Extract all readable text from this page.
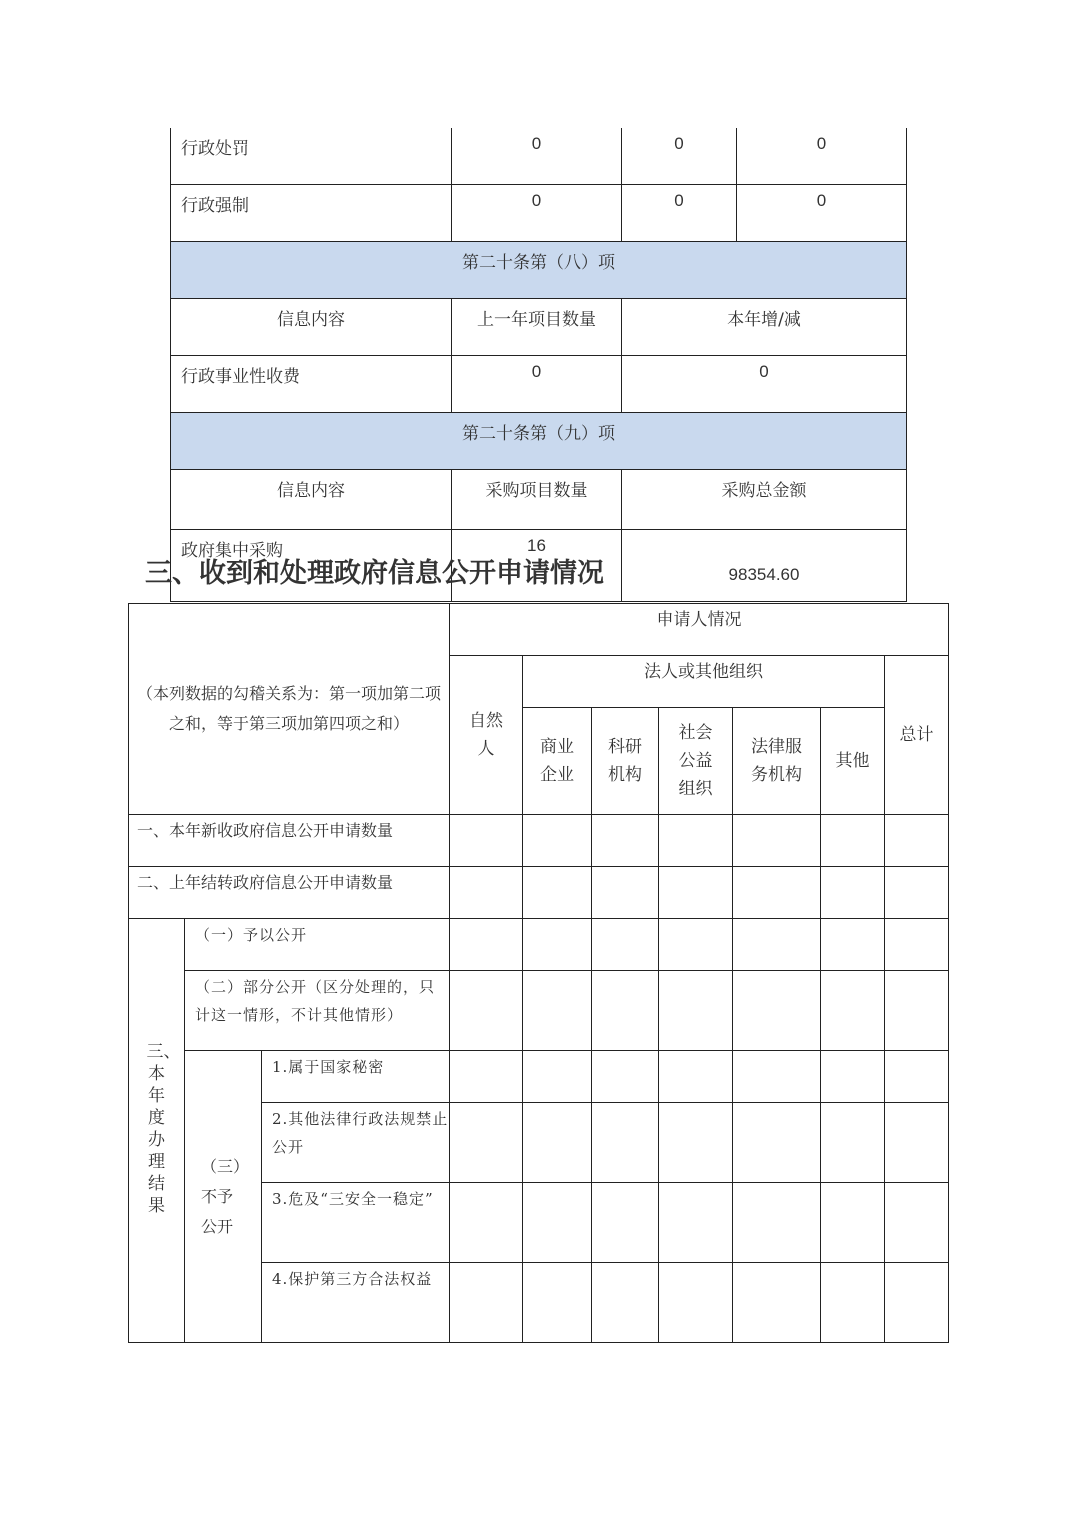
行政处罚	0	0	0
行政强制	0	0	0
第二十条第（八）项			
信息内容	上一年项目数量	本年增/减	
行政事业性收费	0	0	
第二十条第（九）项			
信息内容	采购项目数量	采购总金额	
政府集中采购	16	98354.60	
三、收到和处理政府信息公开申请情况
（本列数据的勾稽关系为：第一项加第二项之和，等于第三项加第四项之和）			申请人情况						

			自然人	法人或其他组织					总计

				商业企业	科研机构	社会公益组织	法律服务机构	其他	
一、本年新收政府信息公开申请数量									
二、上年结转政府信息公开申请数量									
三、本年度办理结果	（一）予以公开								
	（二）部分公开（区分处理的，只计这一情形，不计其他情形）								

	（三）不予公开	1.属于国家秘密							
		2.其他法律行政法规禁止公开							
		3.危及“三安全一稳定”							
		4.保护第三方合法权益							
